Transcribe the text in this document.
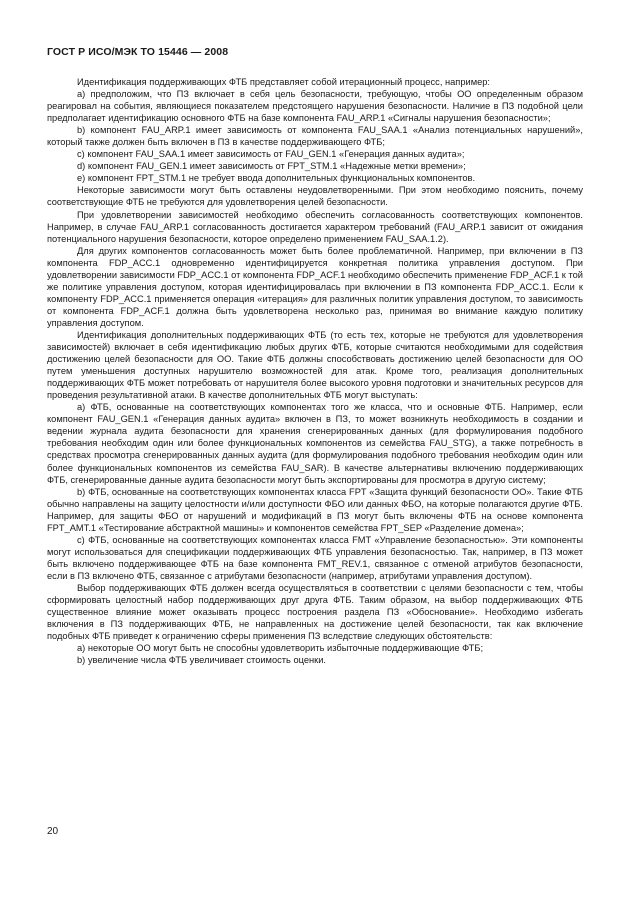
ГОСТ Р ИСО/МЭК ТО 15446 — 2008

Идентификация поддерживающих ФТБ представляет собой итерационный процесс, например:

a) предположим, что ПЗ включает в себя цель безопасности, требующую, чтобы ОО определенным образом реагировал на события, являющиеся показателем предстоящего нарушения безопасности. Наличие в ПЗ подобной цели предполагает идентификацию основного ФТБ на базе компонента FAU_ARP.1 «Сигналы нарушения безопасности»;

b) компонент FAU_ARP.1 имеет зависимость от компонента FAU_SAA.1 «Анализ потенциальных нарушений», который также должен быть включен в ПЗ в качестве поддерживающего ФТБ;

c) компонент FAU_SAA.1 имеет зависимость от FAU_GEN.1 «Генерация данных аудита»;

d) компонент FAU_GEN.1 имеет зависимость от FPT_STM.1 «Надежные метки времени»;

e) компонент FPT_STM.1 не требует ввода дополнительных функциональных компонентов.

Некоторые зависимости могут быть оставлены неудовлетворенными. При этом необходимо пояснить, почему соответствующие ФТБ не требуются для удовлетворения целей безопасности.

При удовлетворении зависимостей необходимо обеспечить согласованность соответствующих компонентов. Например, в случае FAU_ARP.1 согласованность достигается характером требований (FAU_ARP.1 зависит от ожидания потенциального нарушения безопасности, которое определено применением FAU_SAA.1.2).

Для других компонентов согласованность может быть более проблематичной. Например, при включении в ПЗ компонента FDP_ACC.1 одновременно идентифицируется конкретная политика управления доступом. При удовлетворении зависимости FDP_ACC.1 от компонента FDP_ACF.1 необходимо обеспечить применение FDP_ACF.1 к той же политике управления доступом, которая идентифицировалась при включении в ПЗ компонента FDP_ACC.1. Если к компоненту FDP_ACC.1 применяется операция «итерация» для различных политик управления доступом, то зависимость от компонента FDP_ACF.1 должна быть удовлетворена несколько раз, принимая во внимание каждую политику управления доступом.

Идентификация дополнительных поддерживающих ФТБ (то есть тех, которые не требуются для удовлетворения зависимостей) включает в себя идентификацию любых других ФТБ, которые считаются необходимыми для содействия достижению целей безопасности для ОО. Такие ФТБ должны способствовать достижению целей безопасности для ОО путем уменьшения доступных нарушителю возможностей для атак. Кроме того, реализация дополнительных поддерживающих ФТБ может потребовать от нарушителя более высокого уровня подготовки и значительных ресурсов для проведения результативной атаки. В качестве дополнительных ФТБ могут выступать:

a) ФТБ, основанные на соответствующих компонентах того же класса, что и основные ФТБ. Например, если компонент FAU_GEN.1 «Генерация данных аудита» включен в ПЗ, то может возникнуть необходимость в создании и ведении журнала аудита безопасности для хранения сгенерированных данных (для формулирования подобного требования необходим один или более функциональных компонентов из семейства FAU_STG), а также потребность в средствах просмотра сгенерированных данных аудита (для формулирования подобного требования необходим один или более функциональных компонентов из семейства FAU_SAR). В качестве альтернативы включению поддерживающих ФТБ, сгенерированные данные аудита безопасности могут быть экспортированы для просмотра в другую систему;

b) ФТБ, основанные на соответствующих компонентах класса FPT «Защита функций безопасности ОО». Такие ФТБ обычно направлены на защиту целостности и/или доступности ФБО или данных ФБО, на которые полагаются другие ФТБ. Например, для защиты ФБО от нарушений и модификаций в ПЗ могут быть включены ФТБ на основе компонента FPT_AMT.1 «Тестирование абстрактной машины» и компонентов семейства FPT_SEP «Разделение домена»;

c) ФТБ, основанные на соответствующих компонентах класса FMT «Управление безопасностью». Эти компоненты могут использоваться для спецификации поддерживающих ФТБ управления безопасностью. Так, например, в ПЗ может быть включено поддерживающее ФТБ на базе компонента FMT_REV.1, связанное с отменой атрибутов безопасности, если в ПЗ включено ФТБ, связанное с атрибутами безопасности (например, атрибутами управления доступом).

Выбор поддерживающих ФТБ должен всегда осуществляться в соответствии с целями безопасности с тем, чтобы сформировать целостный набор поддерживающих друг друга ФТБ. Таким образом, на выбор поддерживающих ФТБ существенное влияние может оказывать процесс построения раздела ПЗ «Обоснование». Необходимо избегать включения в ПЗ поддерживающих ФТБ, не направленных на достижение целей безопасности, так как включение подобных ФТБ приведет к ограничению сферы применения ПЗ вследствие следующих обстоятельств:

a) некоторые ОО могут быть не способны удовлетворить избыточные поддерживающие ФТБ;

b) увеличение числа ФТБ увеличивает стоимость оценки.

20
